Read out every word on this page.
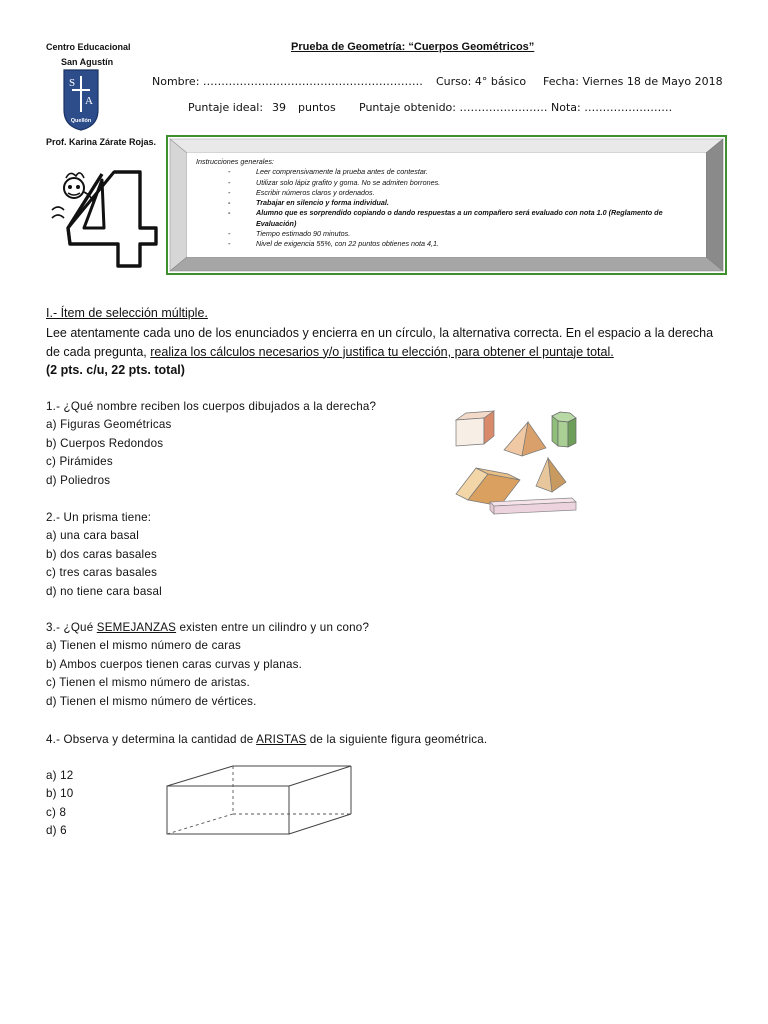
Centro Educacional
San Agustín
S
A
Quellón
Prof. Karina Zárate Rojas.
Prueba de Geometría: “Cuerpos Geométricos”
Nombre: …………………………………………………… Curso: 4° básico Fecha: Viernes 18 de Mayo 2018
Puntaje ideal: 39 puntos Puntaje obtenido: …………………… Nota: ……………………
4
Instrucciones generales:
-	Leer comprensivamente la prueba antes de contestar.
-	Utilizar solo lápiz grafito y goma. No se admiten borrones.
-	Escribir números claros y ordenados.
-	Trabajar en silencio y forma individual.
-	Alumno que es sorprendido copiando o dando respuestas a un compañero será evaluado con nota 1.0 (Reglamento de Evaluación)
-	Tiempo estimado 90 minutos.
-	Nivel de exigencia 55%, con 22 puntos obtienes nota 4,1.
I.- Ítem de selección múltiple.
Lee atentamente cada uno de los enunciados y encierra en un círculo, la alternativa correcta. En el espacio a la derecha de cada pregunta, realiza los cálculos necesarios y/o justifica tu elección, para obtener el puntaje total.
(2 pts. c/u, 22 pts. total)
1.- ¿Qué nombre reciben los cuerpos dibujados a la derecha?
a) Figuras Geométricas
b) Cuerpos Redondos
c) Pirámides
d) Poliedros
2.- Un prisma tiene:
a) una cara basal
b) dos caras basales
c) tres caras basales
d) no tiene cara basal
3.- ¿Qué SEMEJANZAS existen entre un cilindro y un cono?
a) Tienen el mismo número de caras
b) Ambos cuerpos tienen caras curvas y planas.
c) Tienen el mismo número de aristas.
d) Tienen el mismo número de vértices.
4.- Observa y determina la cantidad de ARISTAS de la siguiente figura geométrica.
a) 12
b) 10
c) 8
d) 6
